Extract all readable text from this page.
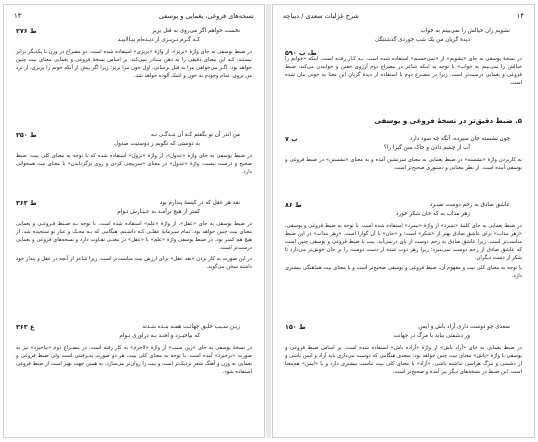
۱۳	نسخه‌های فروغی، یغمایی و یوسفی
۲۷۶ ط	نخست خواهم اگر می‌روی به قتل بریز
کـه گـرم نـریـزی از دیـده‌ام بیـالاییـد
در ضبط یوسفی به جای واژهٔ «بریز»، از واژهٔ «بریزی» استفاده شده است. دو مصراع در وزن با یکدیگر برابر نیستند. کـه این معنای دقیقی را به ذهن متبادر نمی‌کند. بر اساس نسخهٔ فروغی و یغمایی معنای بیت چنین خواهد بود: اگـر می‌خواهی مرا به قتل برسانی، اول خون مرا بریز؛ زیرا اگر پیش از آنکه خونم را بریزی، از نزد من بروی، تمام وجودم به خون و اشک آلوده خواهد شد.
۳۵۰ ط	من اندر آن تو بگفتم کـه آن بنـدگـی نـه
به دوستی که نگویم ز دوستیت صدول
در ضبط یوسفی به جای واژهٔ «عدول»، از واژهٔ «نزول» استفاده شده که با توجه به معنای کلی بیت، ضبط صحیح و درست نیست. واژهٔ «عدول» در معنای «سرپیچی کردن و روی برگرداندن» با معنای بیت همخوانی دارد.
۳۶۳ ط	نقد هر عقل که در کیسهٔ پندارم بود
کمتر از هیچ برآمـد به عـیـارش تـوام
در ضبط یوسفی به جای «عقل»، از واژهٔ «علم» استفاده شده است. با توجه بـه ضـبط فـروغـی و یغمایی معنای بیت چنین خواهد بود: تمام سـرمایهٔ عقلـی کـه داشـتم، هنگامی که بـه محـک و عیار تو سنجیده شد، از هیچ هم کمتر بود. در ضبط یوسفی واژهٔ «علم» با «عقل» در معنـی تفـاوت دارد و نسخه‌های فروغی و یغمایی درست‌تر است.
در این صورت به کار بردن «نقد عقل» برای ارزش بیت مناسب‌تر است، زیرا شاعر از آنچه در عقل و پندار خود داشته سخن می‌گوید.
۳۶۳ ع	زیـن سـبب خلـق جهانـت همـه بنـده شـدند
که بپاخیـزد و افتـد بـه دراوری تـوام
در نسخهٔ یوسفی به جای «زین سبب» از واژهٔ «لاجرم» به کار رفته است. در مصـراع دوم «بپاخیزد» نیز به صورت «برخیزد» آمده است. با توجه به معنای کلی بیت، هر دو صورت پذیرفتنی است ولی ضبط فروغی و یغمایی به وزن و آهنگ شعر نزدیک‌تر است و بیت را روان‌تر می‌سازد. به همین جهت بهتر است از ضبط فروغی استفاده شود.
۱۴
شرح غزلیات سعدی / دیباچه
نشویم زان خیالش را نمی‌بینم به خواب
دیدهٔ گریان من یک شب خوردی گذشتنگی
۵۹۰ ط، ب
در نسخهٔ یوسفی به جای «نشویم» از «نمی‌خسبم» استفاده شده است. بـه کـار رفتـه است. اینکه «خوابم را خیالش را نمی‌بینم به خواب» با توجه به اینکه شاعر در مصراع دوم آرزوی خفتن و خوابیدن می‌کند، ضبط فروغی و یغمایی درست‌تر است. زیرا در مصـرع دوم با استفاده از دیدهٔ گریان این معنا به خوبی بیان شده است.
۵. ضبط دقیق‌تر در نسخهٔ فروغی و یوسفی
۷ ب	چون نشسته جان سیرده، آنگه چه سود دارد
آب از چشم دادن و خاک سن گیرا را؟
به کاربردن واژهٔ «نشسته» در ضبط یغمایی به معنای سرنشین آمده و به معنای «نشستن» در ضبط فروغی و یوسفی آمده است. از نظر معنایی و دستوری صحیح‌تر است.
۸۶ ط	عاشق صادق به زخم دوست نمیـرد
زهر مذاب به که جان شکر خورد
در ضبط یغمایی به جای کلمهٔ «نمیرد» از واژهٔ «نیمرد» استفاده شده است. با توجه به ضبط فروغی و یوسفی، «زهر مذاب» برای عاشق صادق بهتر از «شکر» است؛ و «جان» با آن گوارا است. «زهر مذاب» در این ضبط مناسب‌تر است. زیرا عاشق صادق به زخم دوست از پای درنمی‌آید. بیت با ضبط فروغی و یوسفی چنین است که عاشق صادق از زخم دوست نمی‌میرد؛ زیرا زهر ذوب شده از دست دوست را بر جان خوش‌تر می‌دارد تا شکر از دست دیگران.
با توجه به معنای کلی بیت و مفهوم آن، ضبط فروغی و یوسفی صحیح‌تر است و با معنای بیت هماهنگی بیشتری دارد.
۱۵۰ ط	سعدی چو دوست داری آزاد باش و ایمن
ور دشمنی بیابد با مرگ در جهانت
در ضبط یغمایی به جای «آزاد باش» از واژهٔ «آزاده باش» استفاده شده است. بر اساس ضبط فروغی و یوسفی با واژهٔ «باش» معنای بیت چنین خواهد بود: سعدی هنگامی که دوست می‌داری باید آزاد و ایمن باشی و از دشمنی و مرگ هراسی نداشته باشی. «آزاد» با معنای کلی بیت تناسب بیشتری دارد و با «ایمن» هم‌معنا است. این ضبط در نسخه‌های دیگر نیز آمده و صحیح‌تر است.
